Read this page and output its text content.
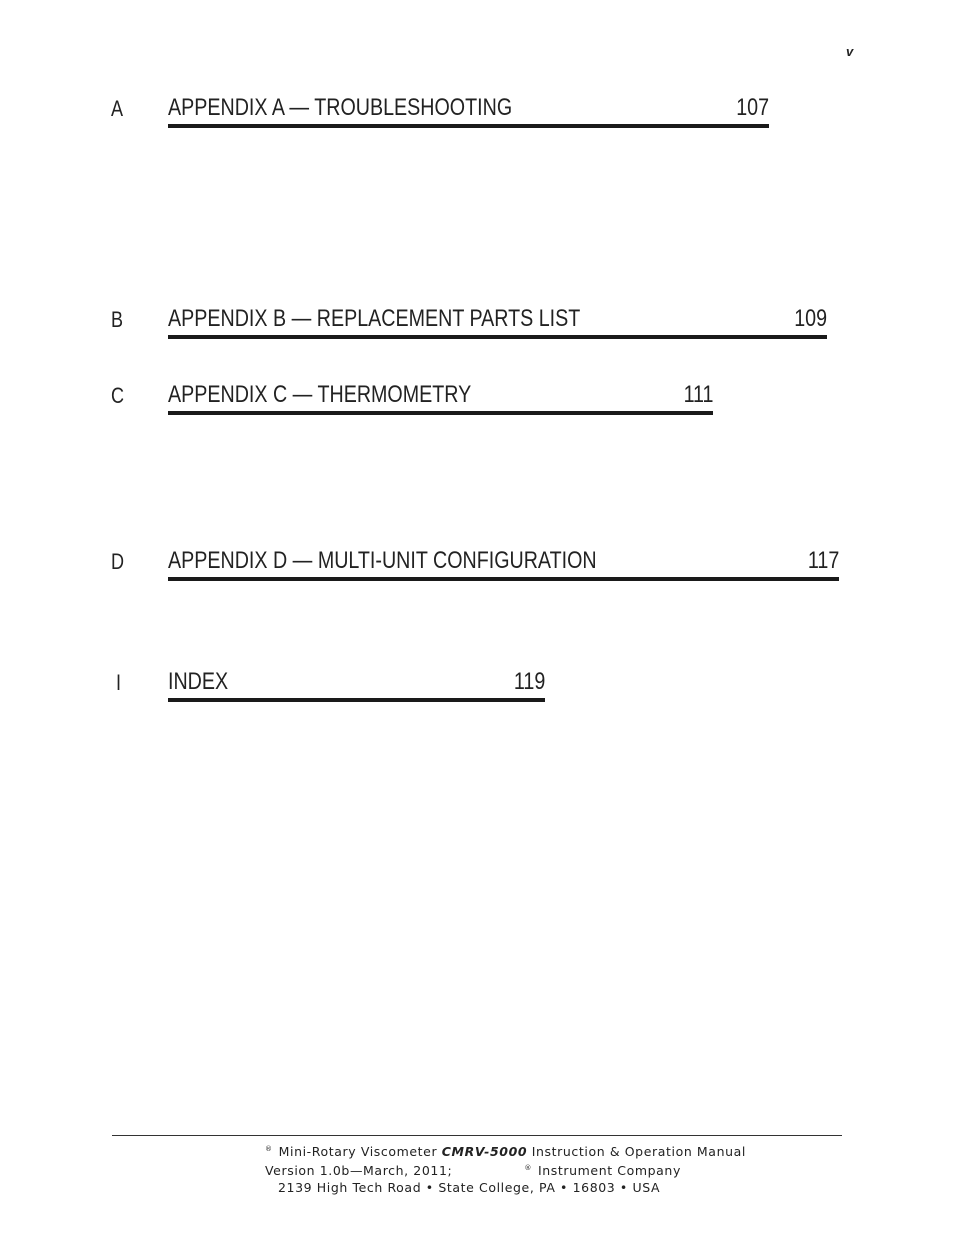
v
A APPENDIX A — TROUBLESHOOTING	107
B APPENDIX B — REPLACEMENT PARTS LIST	109
C APPENDIX C — THERMOMETRY	111
D APPENDIX D — MULTI-UNIT CONFIGURATION	117
I INDEX	119
® Mini-Rotary Viscometer CMRV-5000 Instruction & Operation Manual
Version 1.0b—March, 2011;	® Instrument Company
2139 High Tech Road • State College, PA • 16803 • USA
